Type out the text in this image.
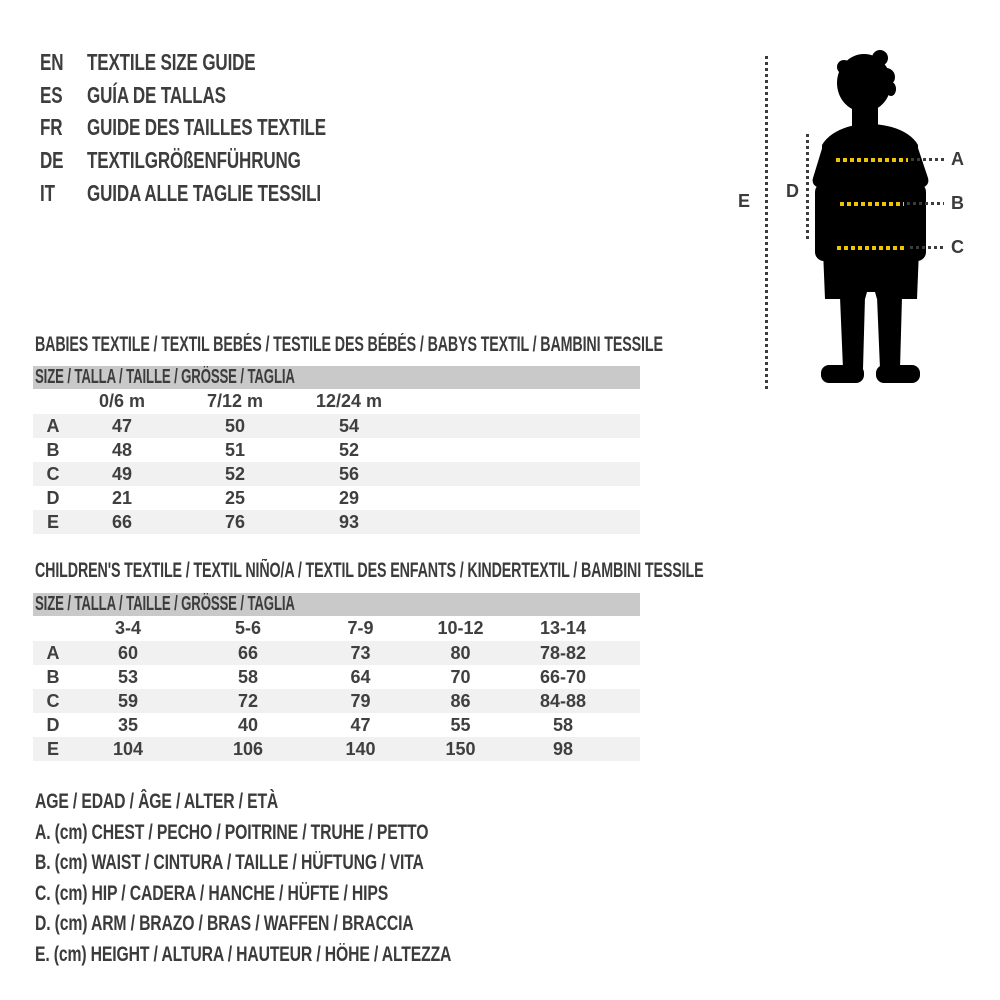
EN	TEXTILE SIZE GUIDE
ES	GUÍA DE TALLAS
FR	GUIDE DES TAILLES TEXTILE
DE	TEXTILGRÖßENFÜHRUNG
IT	GUIDA ALLE TAGLIE TESSILI
A
B
C
D
E
BABIES TEXTILE / TEXTIL BEBÉS / TESTILE DES BÉBÉS / BABYS TEXTIL / BAMBINI TESSILE
SIZE / TALLA / TAILLE / GRÖSSE / TAGLIA				
	0/6 m	7/12 m	12/24 m	
A	47	50	54	
B	48	51	52	
C	49	52	56	
D	21	25	29	
E	66	76	93	
CHILDREN'S TEXTILE / TEXTIL NIÑO/A / TEXTIL DES ENFANTS / KINDERTEXTIL / BAMBINI TESSILE
SIZE / TALLA / TAILLE / GRÖSSE / TAGLIA						
	3-4	5-6	7-9	10-12	13-14	
A	60	66	73	80	78-82	
B	53	58	64	70	66-70	
C	59	72	79	86	84-88	
D	35	40	47	55	58	
E	104	106	140	150	98	
AGE / EDAD / ÂGE / ALTER / ETÀ
A. (cm) CHEST / PECHO / POITRINE / TRUHE / PETTO
B. (cm) WAIST / CINTURA / TAILLE / HÜFTUNG / VITA
C. (cm) HIP / CADERA / HANCHE / HÜFTE / HIPS
D. (cm) ARM / BRAZO / BRAS / WAFFEN / BRACCIA
E. (cm) HEIGHT / ALTURA / HAUTEUR / HÖHE / ALTEZZA
